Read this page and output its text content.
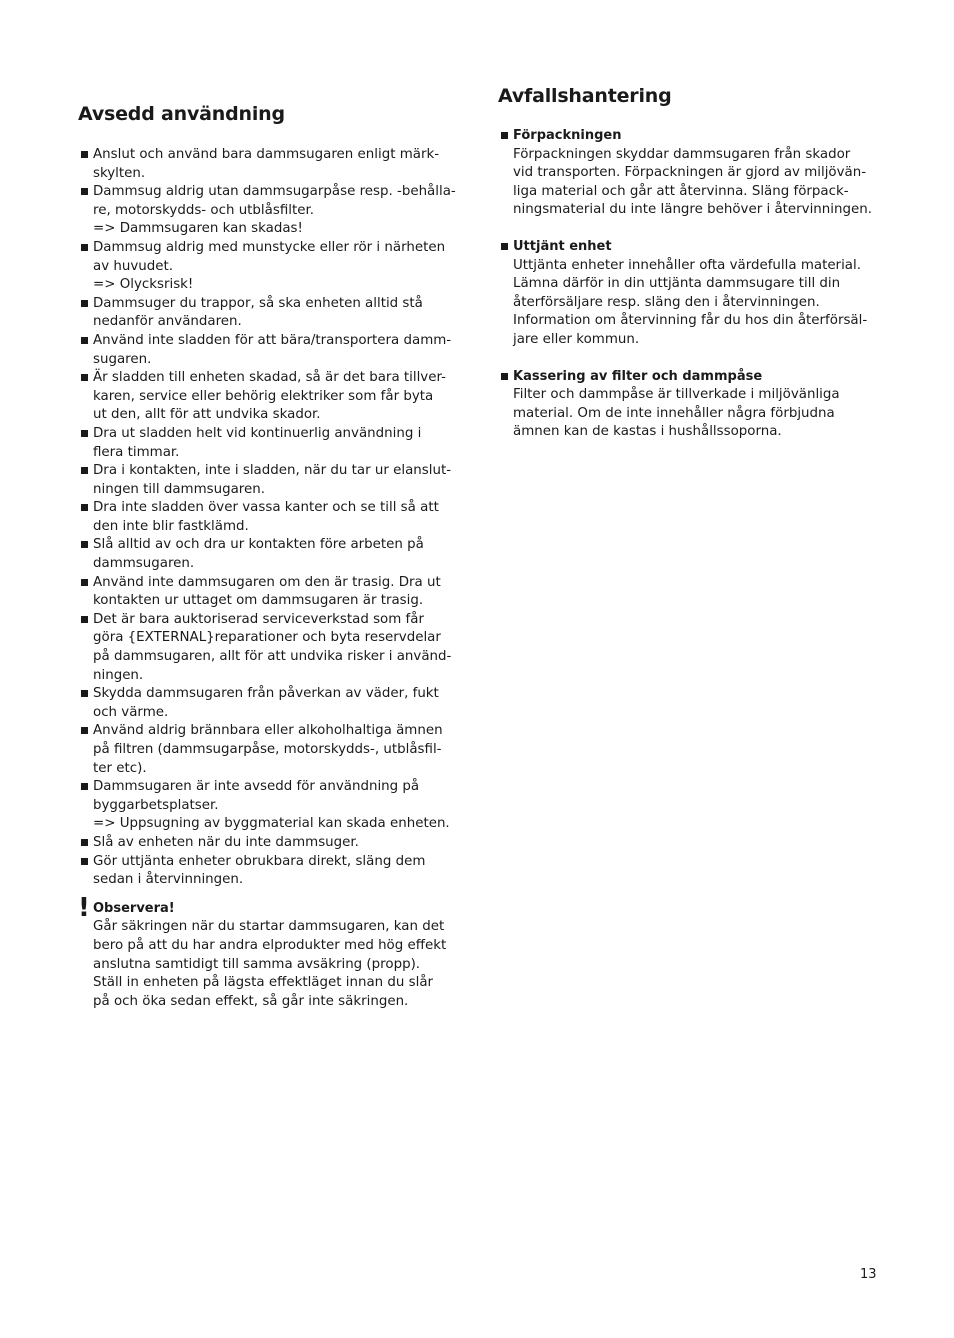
Avsedd användning
Anslut och använd bara dammsugaren enligt märk-
skylten.
Dammsug aldrig utan dammsugarpåse resp. -behålla-
re, motorskydds- och utblåsfilter.
=> Dammsugaren kan skadas!
Dammsug aldrig med munstycke eller rör i närheten
av huvudet.
=> Olycksrisk!
Dammsuger du trappor, så ska enheten alltid stå
nedanför användaren.
Använd inte sladden för att bära/transportera damm-
sugaren.
Är sladden till enheten skadad, så är det bara tillver-
karen, service eller behörig elektriker som får byta
ut den, allt för att undvika skador.
Dra ut sladden helt vid kontinuerlig användning i
flera timmar.
Dra i kontakten, inte i sladden, när du tar ur elanslut-
ningen till dammsugaren.
Dra inte sladden över vassa kanter och se till så att
den inte blir fastklämd.
Slå alltid av och dra ur kontakten före arbeten på
dammsugaren.
Använd inte dammsugaren om den är trasig. Dra ut
kontakten ur uttaget om dammsugaren är trasig.
Det är bara auktoriserad serviceverkstad som får
göra {EXTERNAL}reparationer och byta reservdelar
på dammsugaren, allt för att undvika risker i använd-
ningen.
Skydda dammsugaren från påverkan av väder, fukt
och värme.
Använd aldrig brännbara eller alkoholhaltiga ämnen
på filtren (dammsugarpåse, motorskydds-, utblåsfil-
ter etc).
Dammsugaren är inte avsedd för användning på
byggarbetsplatser.
=> Uppsugning av byggmaterial kan skada enheten.
Slå av enheten när du inte dammsuger.
Gör uttjänta enheter obrukbara direkt, släng dem
sedan i återvinningen.
! Observera!
Går säkringen när du startar dammsugaren, kan det
bero på att du har andra elprodukter med hög effekt
anslutna samtidigt till samma avsäkring (propp).
Ställ in enheten på lägsta effektläget innan du slår
på och öka sedan effekt, så går inte säkringen.
Avfallshantering
Förpackningen
Förpackningen skyddar dammsugaren från skador
vid transporten. Förpackningen är gjord av miljövän-
liga material och går att återvinna. Släng förpack-
ningsmaterial du inte längre behöver i återvinningen.
Uttjänt enhet
Uttjänta enheter innehåller ofta värdefulla material.
Lämna därför in din uttjänta dammsugare till din
återförsäljare resp. släng den i återvinningen.
Information om återvinning får du hos din återförsäl-
jare eller kommun.
Kassering av filter och dammpåse
Filter och dammpåse är tillverkade i miljövänliga
material. Om de inte innehåller några förbjudna
ämnen kan de kastas i hushållssoporna.
13
